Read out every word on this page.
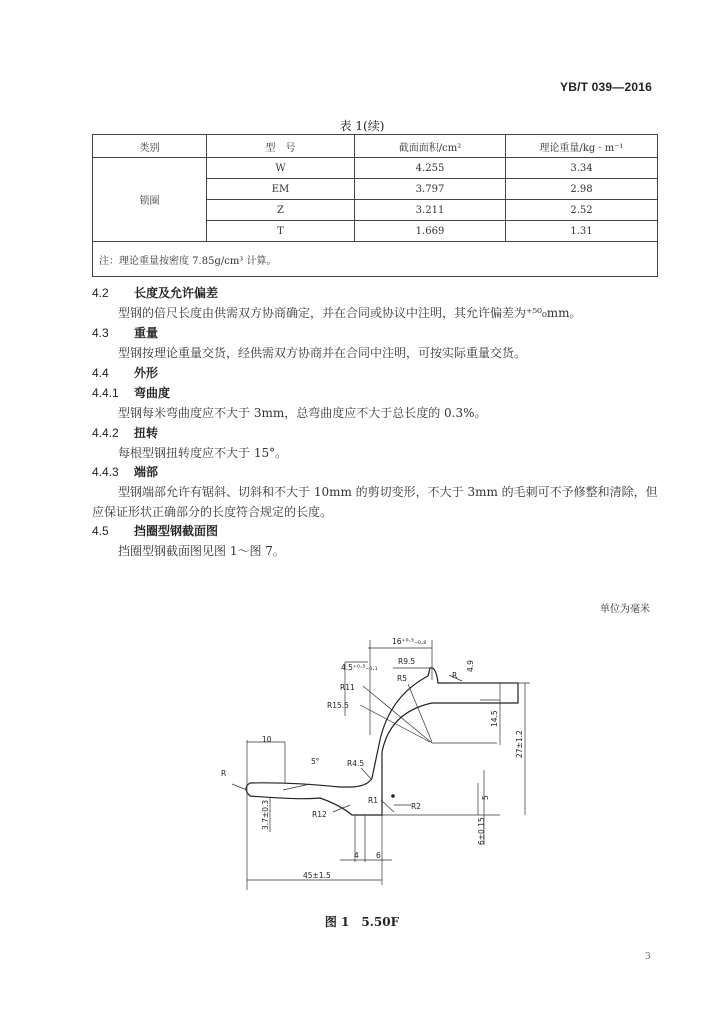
YB/T 039—2016
表 1(续)
类别	型　号	截面面积/cm²	理论重量/kg · m⁻¹
锁圈	W	4.255	3.34
	EM	3.797	2.98
	Z	3.211	2.52
	T	1.669	1.31
注：理论重量按密度 7.85g/cm³ 计算。			
4.2 长度及允许偏差
型钢的倍尺长度由供需双方协商确定，并在合同或协议中注明，其允许偏差为⁺⁵⁰₀mm。
4.3 重量
型钢按理论重量交货，经供需双方协商并在合同中注明，可按实际重量交货。
4.4 外形
4.4.1 弯曲度
型钢每米弯曲度应不大于 3mm，总弯曲度应不大于总长度的 0.3%。
4.4.2 扭转
每根型钢扭转度应不大于 15°。
4.4.3 端部
型钢端部允许有锯斜、切斜和不大于 10mm 的剪切变形，不大于 3mm 的毛刺可不予修整和清除，但应保证形状正确部分的长度符合规定的长度。
4.5 挡圈型钢截面图
挡圈型钢截面图见图 1～图 7。
单位为毫米
16⁺⁰·³₋₀.₈
4.5⁺⁰·³₋₀.₁
R9.5
R5	R
4.9
R11
R15.5
14.5
27±1.2
10
R
5°	R4.5
3.7±0.3	R1
R2
R12
5
6±0.15
4 6
45±1.5
图 1　5.50F
3
